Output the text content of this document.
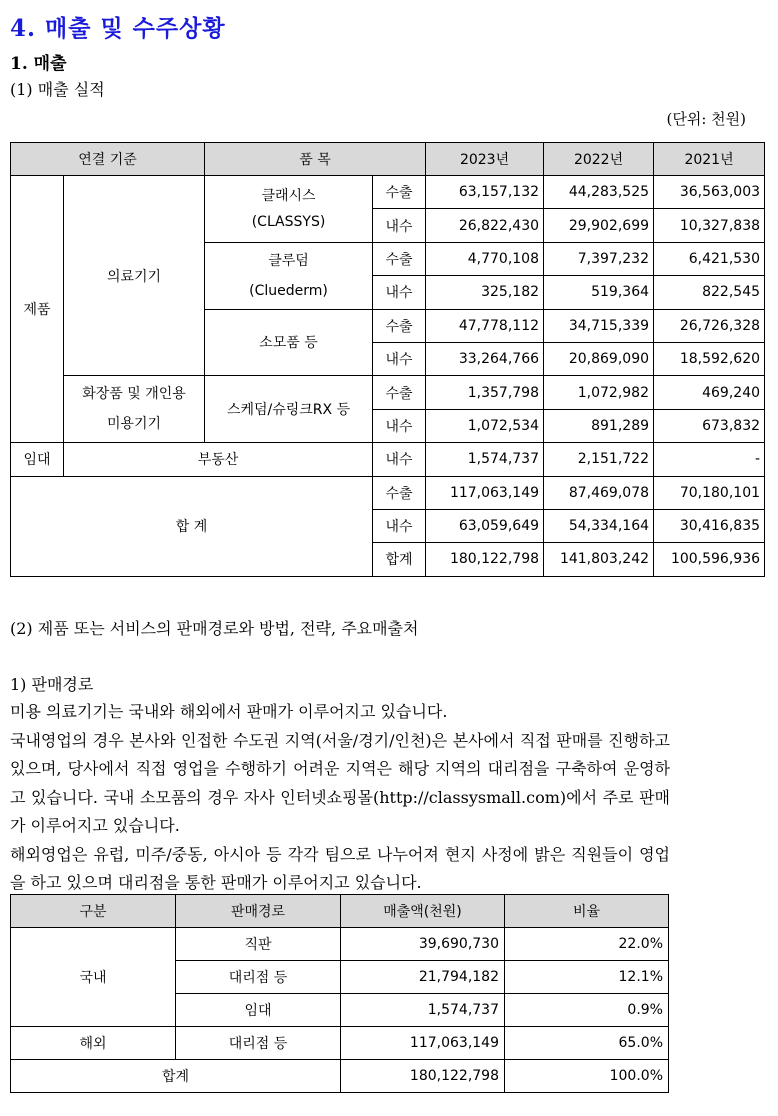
4. 매출 및 수주상황
1. 매출
(1) 매출 실적
(단위: 천원)
연결 기준		품 목		2023년	2022년	2021년
제품	의료기기	클래시스 (CLASSYS)	수출	63,157,132	44,283,525	36,563,003
			내수	26,822,430	29,902,699	10,327,838
		클루덤 (Cluederm)	수출	4,770,108	7,397,232	6,421,530
			내수	325,182	519,364	822,545
		소모품 등	수출	47,778,112	34,715,339	26,726,328
			내수	33,264,766	20,869,090	18,592,620
	화장품 및 개인용 미용기기	스케덤/슈링크RX 등	수출	1,357,798	1,072,982	469,240
			내수	1,072,534	891,289	673,832
임대	부동산		내수	1,574,737	2,151,722	-
합 계			수출	117,063,149	87,469,078	70,180,101
			내수	63,059,649	54,334,164	30,416,835
			합계	180,122,798	141,803,242	100,596,936
(2) 제품 또는 서비스의 판매경로와 방법, 전략, 주요매출처
1) 판매경로

미용 의료기기는 국내와 해외에서 판매가 이루어지고 있습니다.

국내영업의 경우 본사와 인접한 수도권 지역(서울/경기/인천)은 본사에서 직접 판매를 진행하고 있으며, 당사에서 직접 영업을 수행하기 어려운 지역은 해당 지역의 대리점을 구축하여 운영하고 있습니다. 국내 소모품의 경우 자사 인터넷쇼핑몰(http://classysmall.com)에서 주로 판매가 이루어지고 있습니다.

해외영업은 유럽, 미주/중동, 아시아 등 각각 팀으로 나누어져 현지 사정에 밝은 직원들이 영업을 하고 있으며 대리점을 통한 판매가 이루어지고 있습니다.

구분	판매경로	매출액(천원)	비율
국내	직판	39,690,730	22.0%
	대리점 등	21,794,182	12.1%
	임대	1,574,737	0.9%
해외	대리점 등	117,063,149	65.0%
합계		180,122,798	100.0%
